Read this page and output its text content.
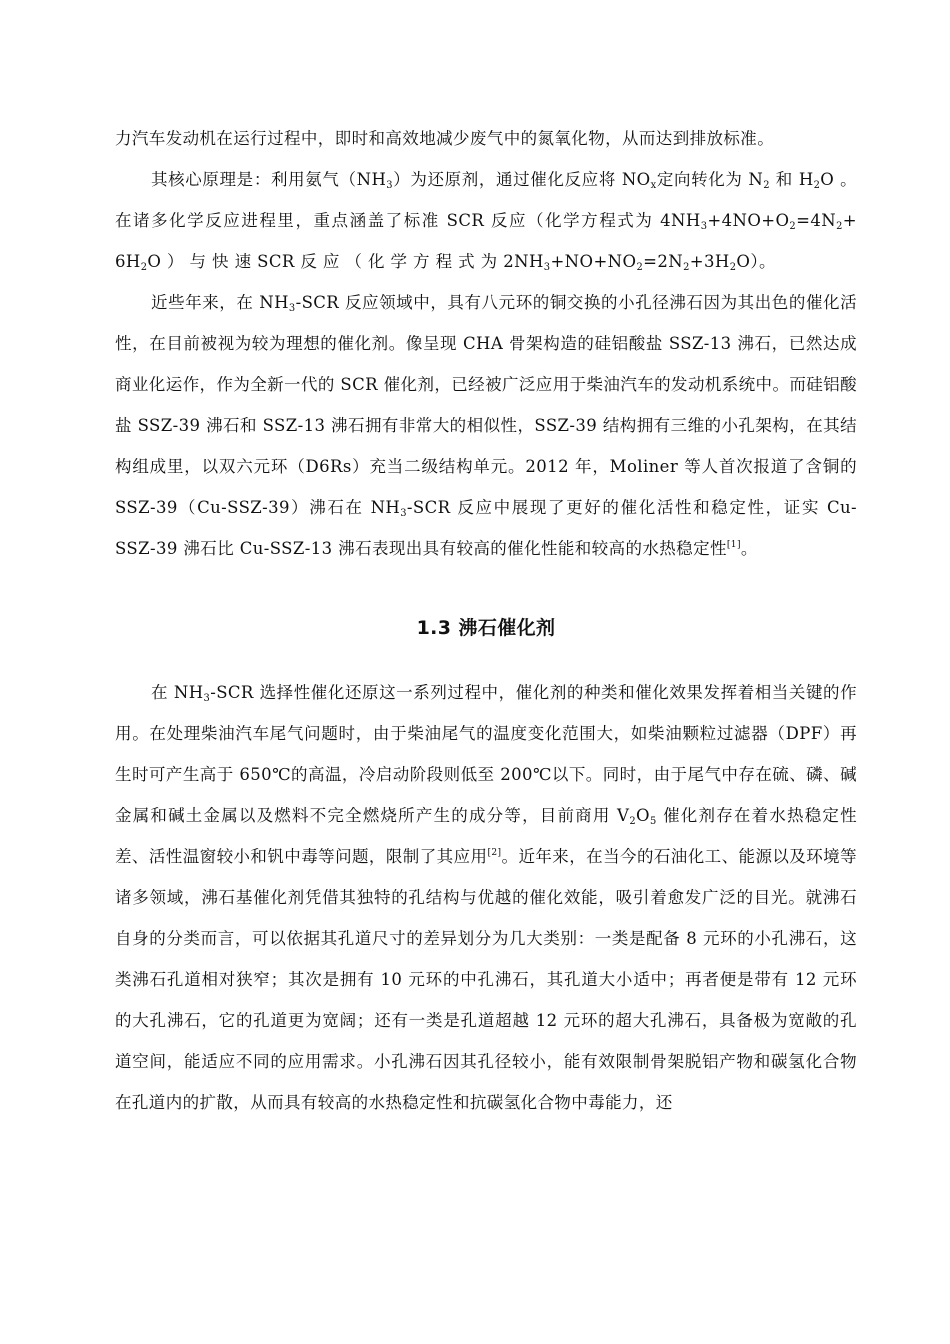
力汽车发动机在运行过程中，即时和高效地减少废气中的氮氧化物，从而达到排放标准。

其核心原理是：利用氨气$(NH_3)$为还原剂，通过催化反应将 $NO_x$定向转化为 $N_2$ 和 $H_2O$ 。在诸多化学反应进程里，重点涵盖了标准 SCR 反应（化学方程式为 $4NH_3+4NO+O_2=4N_2+ 6H_2O$ ） 与 快 速 SCR 反 应 （ 化 学 方 程 式 为 $2NH_3+NO+NO_2=2N_2+3H_2O$）。

近些年来，在 $NH_3$-SCR 反应领域中，具有八元环的铜交换的小孔径沸石因为其出色的催化活性，在目前被视为较为理想的催化剂。像呈现 CHA 骨架构造的硅铝酸盐 SSZ-13 沸石，已然达成商业化运作，作为全新一代的 SCR 催化剂，已经被广泛应用于柴油汽车的发动机系统中。而硅铝酸盐 SSZ-39 沸石和 SSZ-13 沸石拥有非常大的相似性，SSZ-39 结构拥有三维的小孔架构，在其结构组成里，以双六元环（D6Rs）充当二级结构单元。2012 年，Moliner 等人首次报道了含铜的 SSZ-39（Cu-SSZ-39）沸石在 $NH_3$-SCR 反应中展现了更好的催化活性和稳定性，证实 Cu-SSZ-39 沸石比 Cu-SSZ-13 沸石表现出具有较高的催化性能和较高的水热稳定性[1]。

1.3 沸石催化剂

在 $NH_3$-SCR 选择性催化还原这一系列过程中，催化剂的种类和催化效果发挥着相当关键的作用。在处理柴油汽车尾气问题时，由于柴油尾气的温度变化范围大，如柴油颗粒过滤器（DPF）再生时可产生高于 650℃的高温，冷启动阶段则低至 200℃以下。同时，由于尾气中存在硫、磷、碱金属和碱土金属以及燃料不完全燃烧所产生的成分等，目前商用 $V_2O_5$ 催化剂存在着水热稳定性差、活性温窗较小和钒中毒等问题，限制了其应用[2]。近年来，在当今的石油化工、能源以及环境等诸多领域，沸石基催化剂凭借其独特的孔结构与优越的催化效能，吸引着愈发广泛的目光。就沸石自身的分类而言，可以依据其孔道尺寸的差异划分为几大类别：一类是配备 8 元环的小孔沸石，这类沸石孔道相对狭窄；其次是拥有 10 元环的中孔沸石，其孔道大小适中；再者便是带有 12 元环的大孔沸石，它的孔道更为宽阔；还有一类是孔道超越 12 元环的超大孔沸石，具备极为宽敞的孔道空间，能适应不同的应用需求。小孔沸石因其孔径较小，能有效限制骨架脱铝产物和碳氢化合物在孔道内的扩散，从而具有较高的水热稳定性和抗碳氢化合物中毒能力，还
